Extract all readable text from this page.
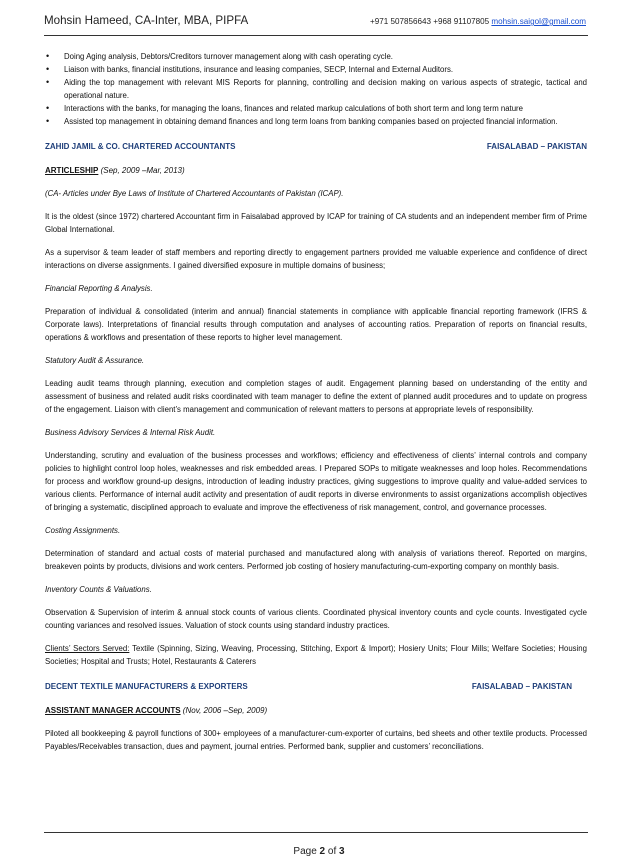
Mohsin Hameed, CA-Inter, MBA, PIPFA	+971 507856643 +968 91107805 mohsin.saigol@gmail.com
• Doing Aging analysis, Debtors/Creditors turnover management along with cash operating cycle.
• Liaison with banks, financial institutions, insurance and leasing companies, SECP, Internal and External Auditors.
• Aiding the top management with relevant MIS Reports for planning, controlling and decision making on various aspects of strategic, tactical and operational nature.
• Interactions with the banks, for managing the loans, finances and related markup calculations of both short term and long term nature
• Assisted top management in obtaining demand finances and long term loans from banking companies based on projected financial information.
ZAHID JAMIL & CO. CHARTERED ACCOUNTANTS	FAISALABAD – PAKISTAN
ARTICLESHIP (Sep, 2009 –Mar, 2013)

(CA- Articles under Bye Laws of Institute of Chartered Accountants of Pakistan (ICAP).

It is the oldest (since 1972) chartered Accountant firm in Faisalabad approved by ICAP for training of CA students and an independent member firm of Prime Global International.

As a supervisor & team leader of staff members and reporting directly to engagement partners provided me valuable experience and confidence of direct interactions on diverse assignments. I gained diversified exposure in multiple domains of business;

Financial Reporting & Analysis.

Preparation of individual & consolidated (interim and annual) financial statements in compliance with applicable financial reporting framework (IFRS & Corporate laws). Interpretations of financial results through computation and analyses of accounting ratios. Preparation of reports on financial results, operations & workflows and presentation of these reports to higher level management.

Statutory Audit & Assurance.

Leading audit teams through planning, execution and completion stages of audit. Engagement planning based on understanding of the entity and assessment of business and related audit risks coordinated with team manager to define the extent of planned audit procedures and to update on progress of the engagement. Liaison with client’s management and communication of relevant matters to persons at appropriate levels of responsibility.

Business Advisory Services & Internal Risk Audit.

Understanding, scrutiny and evaluation of the business processes and workflows; efficiency and effectiveness of clients’ internal controls and company policies to highlight control loop holes, weaknesses and risk embedded areas. I Prepared SOPs to mitigate weaknesses and loop holes. Recommendations for process and workflow ground-up designs, introduction of leading industry practices, giving suggestions to improve quality and value-added services to various clients. Performance of internal audit activity and presentation of audit reports in diverse environments to assist organizations accomplish objectives of bringing a systematic, disciplined approach to evaluate and improve the effectiveness of risk management, control, and governance processes.

Costing Assignments.

Determination of standard and actual costs of material purchased and manufactured along with analysis of variations thereof. Reported on margins, breakeven points by products, divisions and work centers. Performed job costing of hosiery manufacturing-cum-exporting company on monthly basis.

Inventory Counts & Valuations.

Observation & Supervision of interim & annual stock counts of various clients. Coordinated physical inventory counts and cycle counts. Investigated cycle counting variances and resolved issues. Valuation of stock counts using standard industry practices.

Clients’ Sectors Served: Textile (Spinning, Sizing, Weaving, Processing, Stitching, Export & Import); Hosiery Units; Flour Mills; Welfare Societies; Housing Societies; Hospital and Trusts; Hotel, Restaurants & Caterers

DECENT TEXTILE MANUFACTURERS & EXPORTERS	FAISALABAD – PAKISTAN
ASSISTANT MANAGER ACCOUNTS (Nov, 2006 –Sep, 2009)

Piloted all bookkeeping & payroll functions of 300+ employees of a manufacturer-cum-exporter of curtains, bed sheets and other textile products. Processed Payables/Receivables transaction, dues and payment, journal entries. Performed bank, supplier and customers’ reconciliations.

Page 2 of 3
